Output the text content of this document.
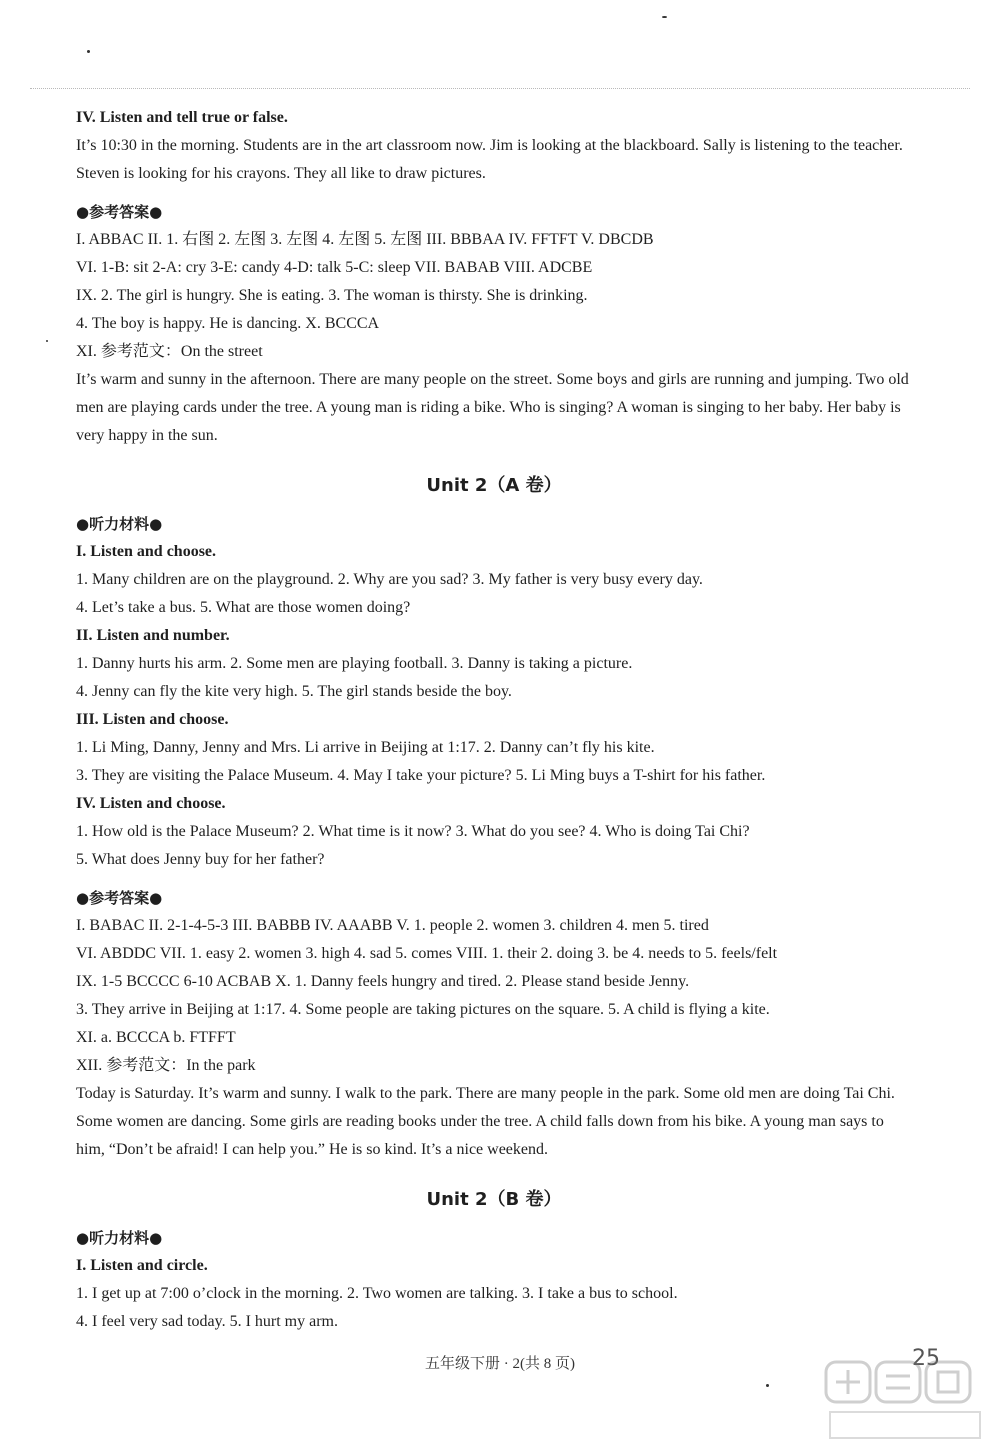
IV. Listen and tell true or false.
It’s 10:30 in the morning. Students are in the art classroom now. Jim is looking at the blackboard. Sally is listening to the teacher. Steven is looking for his crayons. They all like to draw pictures.
●参考答案●
I. ABBAC II. 1. 右图 2. 左图 3. 左图 4. 左图 5. 左图 III. BBBAA IV. FFTFT V. DBCDB
VI. 1-B: sit 2-A: cry 3-E: candy 4-D: talk 5-C: sleep VII. BABAB VIII. ADCBE
IX. 2. The girl is hungry. She is eating. 3. The woman is thirsty. She is drinking.
4. The boy is happy. He is dancing. X. BCCCA
XI. 参考范文：On the street
It’s warm and sunny in the afternoon. There are many people on the street. Some boys and girls are running and jumping. Two old men are playing cards under the tree. A young man is riding a bike. Who is singing? A woman is singing to her baby. Her baby is very happy in the sun.
Unit 2（A 卷）
●听力材料●
I. Listen and choose.
1. Many children are on the playground. 2. Why are you sad? 3. My father is very busy every day.
4. Let’s take a bus. 5. What are those women doing?
II. Listen and number.
1. Danny hurts his arm. 2. Some men are playing football. 3. Danny is taking a picture.
4. Jenny can fly the kite very high. 5. The girl stands beside the boy.
III. Listen and choose.
1. Li Ming, Danny, Jenny and Mrs. Li arrive in Beijing at 1:17. 2. Danny can’t fly his kite.
3. They are visiting the Palace Museum. 4. May I take your picture? 5. Li Ming buys a T-shirt for his father.
IV. Listen and choose.
1. How old is the Palace Museum? 2. What time is it now? 3. What do you see? 4. Who is doing Tai Chi?
5. What does Jenny buy for her father?
●参考答案●
I. BABAC II. 2-1-4-5-3 III. BABBB IV. AAABB V. 1. people 2. women 3. children 4. men 5. tired
VI. ABDDC VII. 1. easy 2. women 3. high 4. sad 5. comes VIII. 1. their 2. doing 3. be 4. needs to 5. feels/felt
IX. 1-5 BCCCC 6-10 ACBAB X. 1. Danny feels hungry and tired. 2. Please stand beside Jenny.
3. They arrive in Beijing at 1:17. 4. Some people are taking pictures on the square. 5. A child is flying a kite.
XI. a. BCCCA b. FTFFT
XII. 参考范文：In the park
Today is Saturday. It’s warm and sunny. I walk to the park. There are many people in the park. Some old men are doing Tai Chi. Some women are dancing. Some girls are reading books under the tree. A child falls down from his bike. A young man says to him, “Don’t be afraid! I can help you.” He is so kind. It’s a nice weekend.
Unit 2（B 卷）
●听力材料●
I. Listen and circle.
1. I get up at 7:00 o’clock in the morning. 2. Two women are talking. 3. I take a bus to school.
4. I feel very sad today. 5. I hurt my arm.
五年级下册 · 2(共 8 页)	25
